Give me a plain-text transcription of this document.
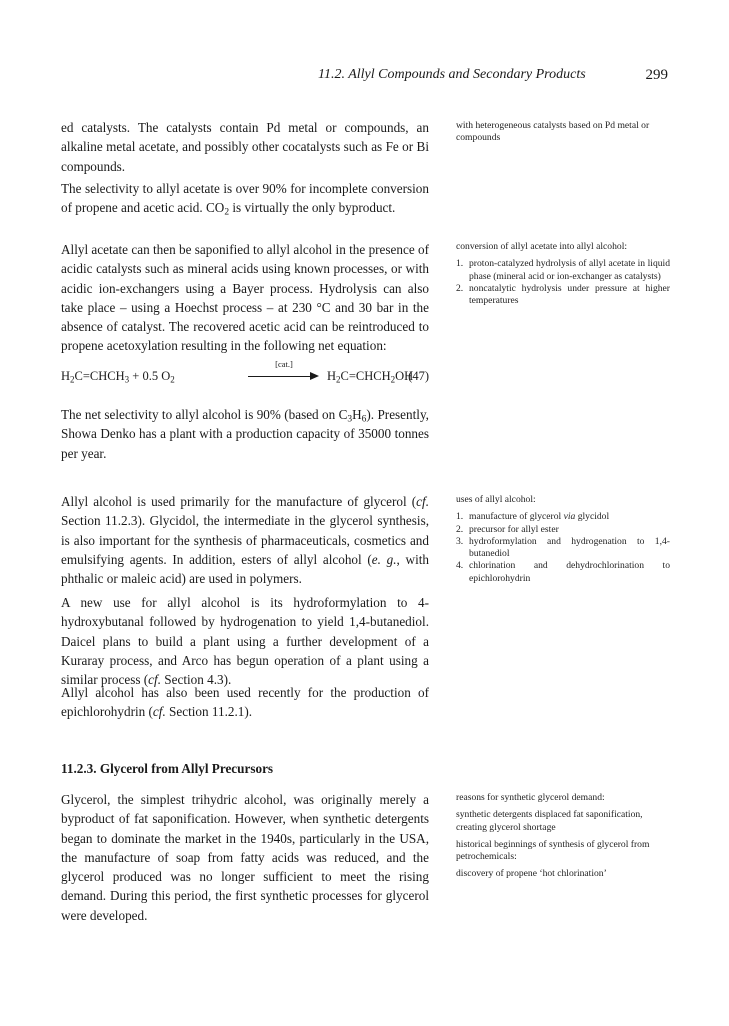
11.2. Allyl Compounds and Secondary Products	299

ed catalysts. The catalysts contain Pd metal or compounds, an alkaline metal acetate, and possibly other cocatalysts such as Fe or Bi compounds.

The selectivity to allyl acetate is over 90% for incomplete conversion of propene and acetic acid. $CO_2$ is virtually the only byproduct.

Allyl acetate can then be saponified to allyl alcohol in the presence of acidic catalysts such as mineral acids using known processes, or with acidic ion-exchangers using a Bayer process. Hydrolysis can also take place – using a Hoechst process – at 230 °C and 30 bar in the absence of catalyst. The recovered acetic acid can be reintroduced to propene acetoxylation resulting in the following net equation:

$H_2C=CHCH_3 + 0.5$ $O_2$
[cat.]
$H_2C=CHCH_2OH$
(47)

The net selectivity to allyl alcohol is 90% (based on $C_3H_6$). Presently, Showa Denko has a plant with a production capacity of 35000 tonnes per year.

Allyl alcohol is used primarily for the manufacture of glycerol (cf. Section 11.2.3). Glycidol, the intermediate in the glycerol synthesis, is also important for the synthesis of pharmaceuticals, cosmetics and emulsifying agents. In addition, esters of allyl alcohol (e. g., with phthalic or maleic acid) are used in polymers.

A new use for allyl alcohol is its hydroformylation to 4-hydroxybutanal followed by hydrogenation to yield 1,4-butanediol. Daicel plans to build a plant using a further development of a Kuraray process, and Arco has begun operation of a plant using a similar process (cf. Section 4.3).

Allyl alcohol has also been used recently for the production of epichlorohydrin (cf. Section 11.2.1).

11.2.3. Glycerol from Allyl Precursors

Glycerol, the simplest trihydric alcohol, was originally merely a byproduct of fat saponification. However, when synthetic detergents began to dominate the market in the 1940s, particularly in the USA, the manufacture of soap from fatty acids was reduced, and the glycerol produced was no longer sufficient to meet the rising demand. During this period, the first synthetic processes for glycerol were developed.

with heterogeneous catalysts based on Pd metal or compounds

conversion of allyl acetate into allyl alcohol:

1. proton-catalyzed hydrolysis of allyl acetate in liquid phase (mineral acid or ion-exchanger as catalysts)
2. noncatalytic hydrolysis under pressure at higher temperatures

uses of allyl alcohol:

1. manufacture of glycerol via glycidol
2. precursor for allyl ester
3. hydroformylation and hydrogenation to 1,4-butanediol
4. chlorination and dehydrochlorination to epichlorohydrin

reasons for synthetic glycerol demand:

synthetic detergents displaced fat saponification, creating glycerol shortage

historical beginnings of synthesis of glycerol from petrochemicals:

discovery of propene ‘hot chlorination’
